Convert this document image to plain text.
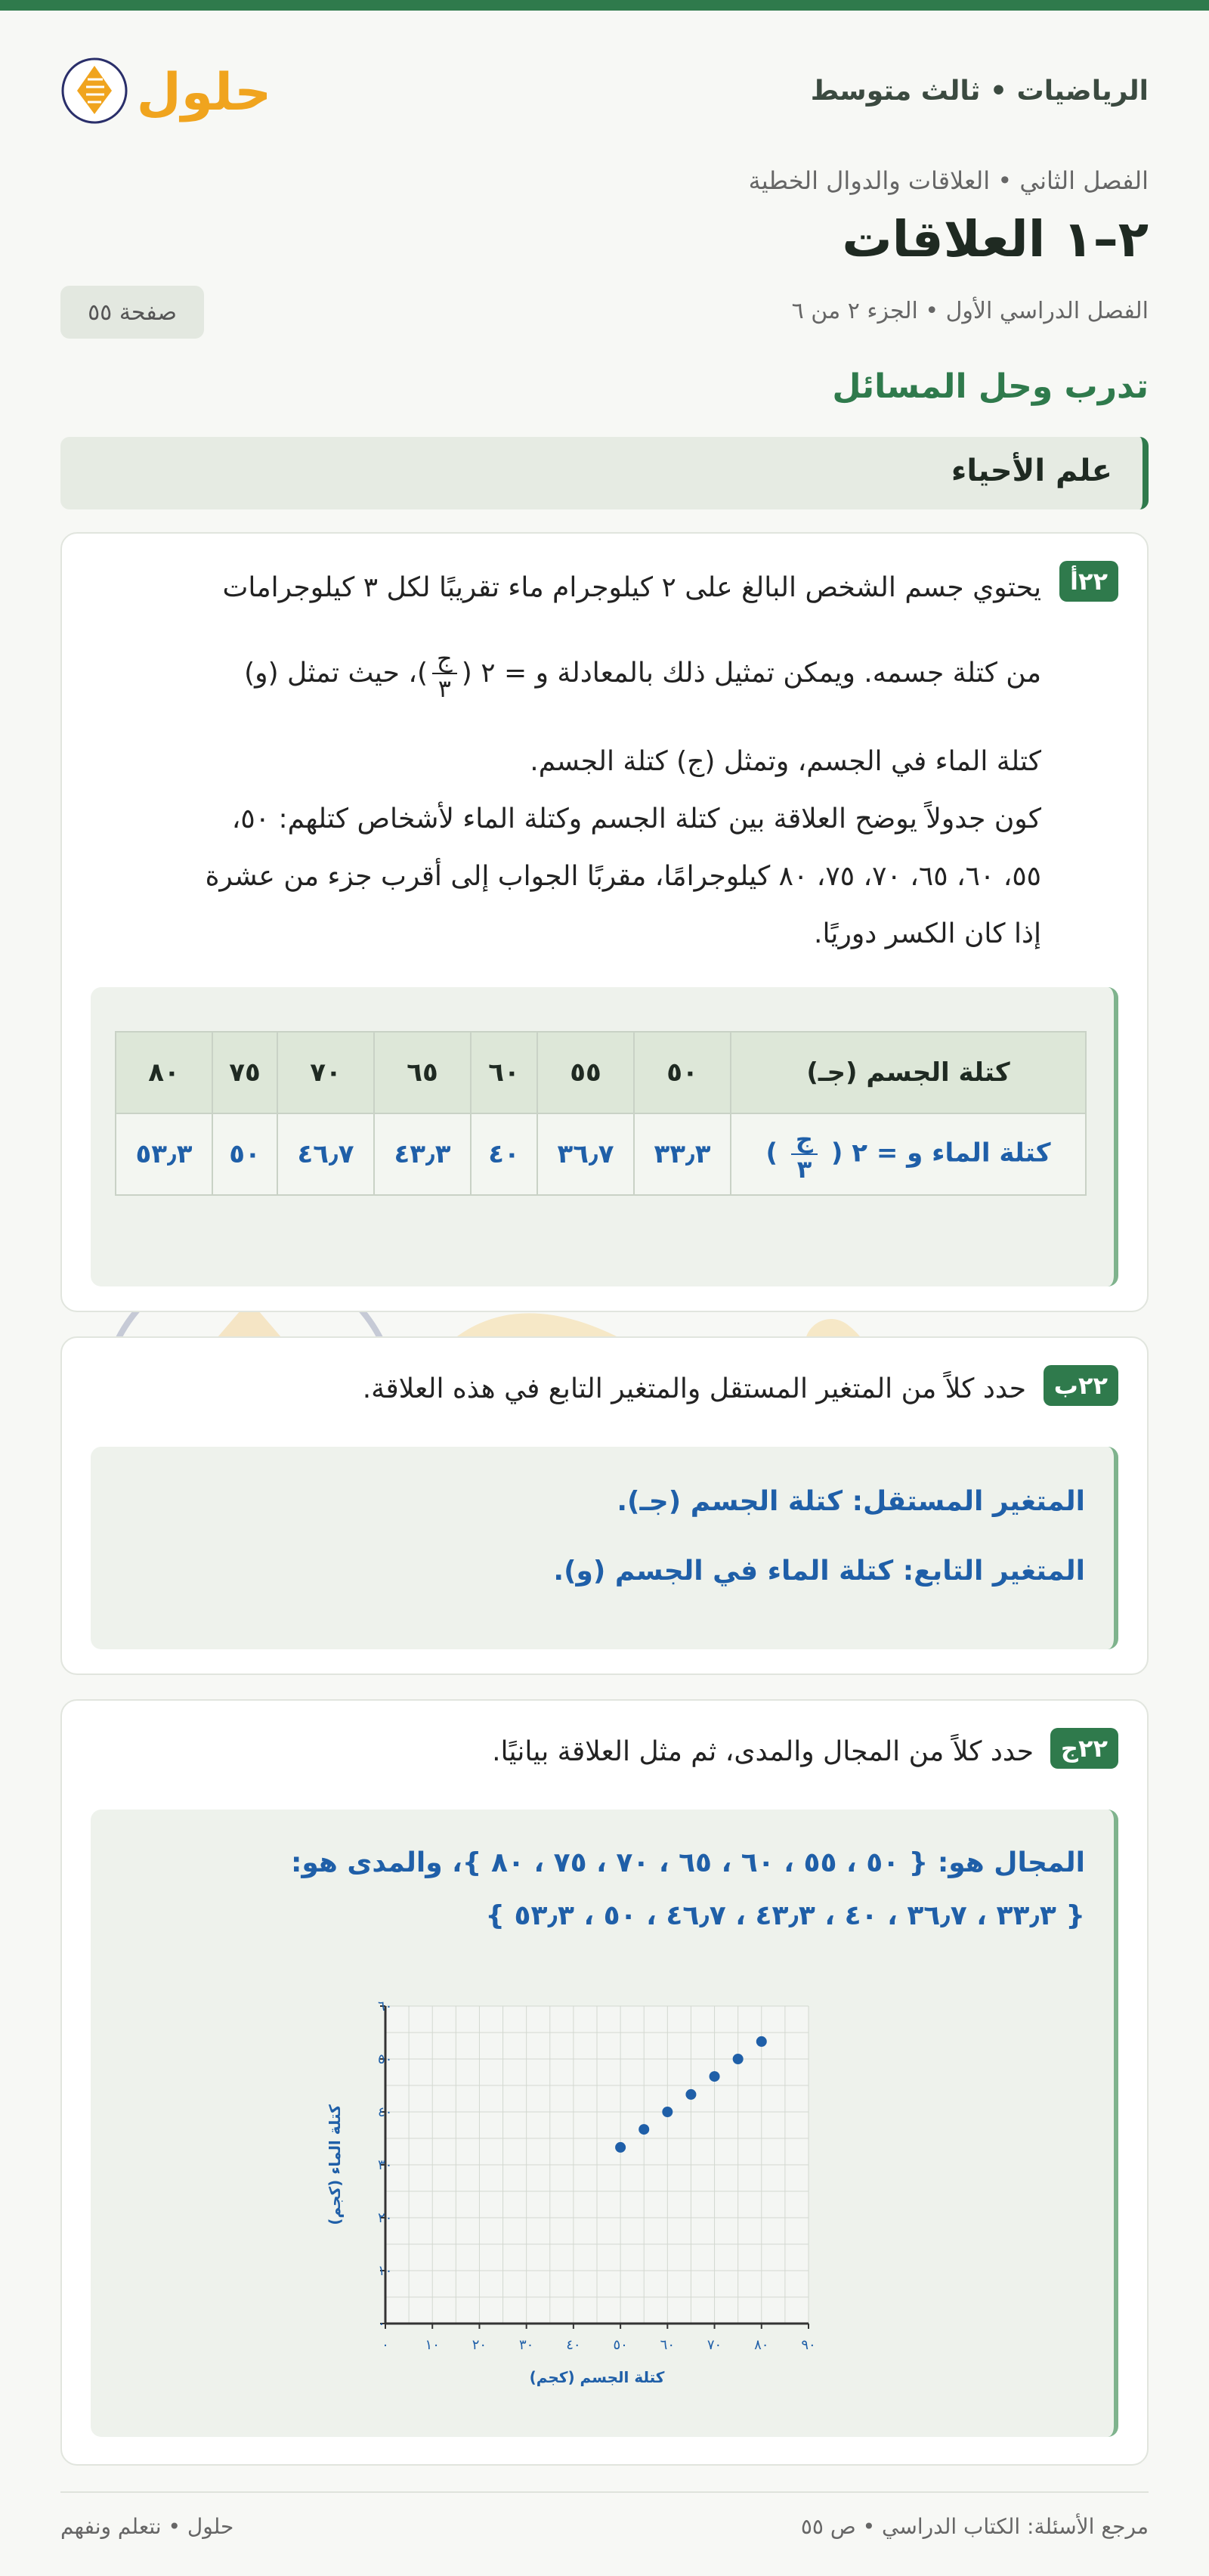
الرياضيات • ثالث متوسط
حلول
الفصل الثاني • العلاقات والدوال الخطية
٢–١ العلاقات
الفصل الدراسي الأول • الجزء ٢ من ٦
صفحة ٥٥
تدرب وحل المسائل
علم الأحياء
٢٢أ
يحتوي جسم الشخص البالغ على ٢ كيلوجرام ماء تقريبًا لكل ٣ كيلوجرامات
من كتلة جسمه. ويمكن تمثيل ذلك بالمعادلة و = ٢ (
$\frac{\text{ج}}{٣}$
)، حيث تمثل (و)
كتلة الماء في الجسم، وتمثل (ج) كتلة الجسم.
كون جدولاً يوضح العلاقة بين كتلة الجسم وكتلة الماء لأشخاص كتلهم: ٥٠،
٥٥، ٦٠، ٦٥، ٧٠، ٧٥، ٨٠ كيلوجرامًا، مقربًا الجواب إلى أقرب جزء من عشرة
إذا كان الكسر دوريًا.
كتلة الجسم (جـ)	٥٠	٥٥	٦٠	٦٥	٧٠	٧٥	٨٠
كتلة الماء و = ٢ (
$\frac{\text{ج}}{٣}$
)	٣٣٫٣	٣٦٫٧	٤٠	٤٣٫٣	٤٦٫٧	٥٠	٥٣٫٣
٢٢ب
حدد كلاً من المتغير المستقل والمتغير التابع في هذه العلاقة.
المتغير المستقل: كتلة الجسم (جـ).
المتغير التابع: كتلة الماء في الجسم (و).
٢٢ج
حدد كلاً من المجال والمدى، ثم مثل العلاقة بيانيًا.
المجال هو: { ٥٠ ، ٥٥ ، ٦٠ ، ٦٥ ، ٧٠ ، ٧٥ ، ٨٠ }، والمدى هو:
{ ٣٣٫٣ ، ٣٦٫٧ ، ٤٠ ، ٤٣٫٣ ، ٤٦٫٧ ، ٥٠ ، ٥٣٫٣ }
٠	١٠ ٢٠ ٣٠ ٤٠ ٥٠ ٦٠ ٧٠ ٨٠ ٩٠
٠
١٠
٢٠
٣٠
٤٠
٥٠
٦٠
كتلة الجسم (كجم)
كتلة الماء (كجم)
مرجع الأسئلة: الكتاب الدراسي • ص ٥٥
حلول • نتعلم ونفهم
